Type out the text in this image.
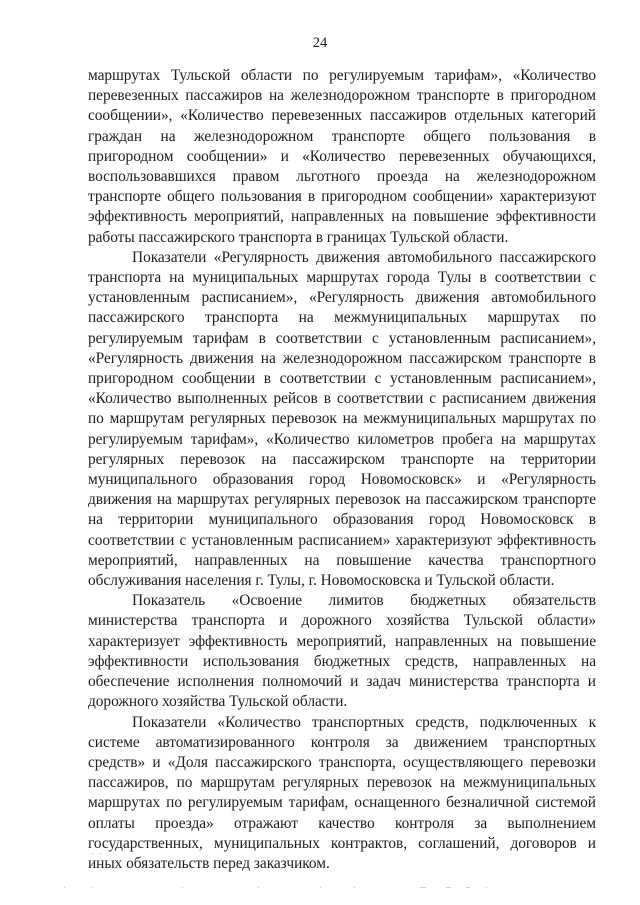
24

маршрутах Тульской области по регулируемым тарифам», «Количество перевезенных пассажиров на железнодорожном транспорте в пригородном сообщении», «Количество перевезенных пассажиров отдельных категорий граждан на железнодорожном транспорте общего пользования в пригородном сообщении» и «Количество перевезенных обучающихся, воспользовавшихся правом льготного проезда на железнодорожном транспорте общего пользования в пригородном сообщении» характеризуют эффективность мероприятий, направленных на повышение эффективности работы пассажирского транспорта в границах Тульской области.

Показатели «Регулярность движения автомобильного пассажирского транспорта на муниципальных маршрутах города Тулы в соответствии с установленным расписанием», «Регулярность движения автомобильного пассажирского транспорта на межмуниципальных маршрутах по регулируемым тарифам в соответствии с установленным расписанием», «Регулярность движения на железнодорожном пассажирском транспорте в пригородном сообщении в соответствии с установленным расписанием», «Количество выполненных рейсов в соответствии с расписанием движения по маршрутам регулярных перевозок на межмуниципальных маршрутах по регулируемым тарифам», «Количество километров пробега на маршрутах регулярных перевозок на пассажирском транспорте на территории муниципального образования город Новомосковск» и «Регулярность движения на маршрутах регулярных перевозок на пассажирском транспорте на территории муниципального образования город Новомосковск в соответствии с установленным расписанием» характеризуют эффективность мероприятий, направленных на повышение качества транспортного обслуживания населения г. Тулы, г. Новомосковска и Тульской области.

Показатель «Освоение лимитов бюджетных обязательств министерства транспорта и дорожного хозяйства Тульской области» характеризует эффективность мероприятий, направленных на повышение эффективности использования бюджетных средств, направленных на обеспечение исполнения полномочий и задач министерства транспорта и дорожного хозяйства Тульской области.

Показатели «Количество транспортных средств, подключенных к системе автоматизированного контроля за движением транспортных средств» и «Доля пассажирского транспорта, осуществляющего перевозки пассажиров, по маршрутам регулярных перевозок на межмуниципальных маршрутах по регулируемым тарифам, оснащенного безналичной системой оплаты проезда» отражают качество контроля за выполнением государственных, муниципальных контрактов, соглашений, договоров и иных обязательств перед заказчиком.
